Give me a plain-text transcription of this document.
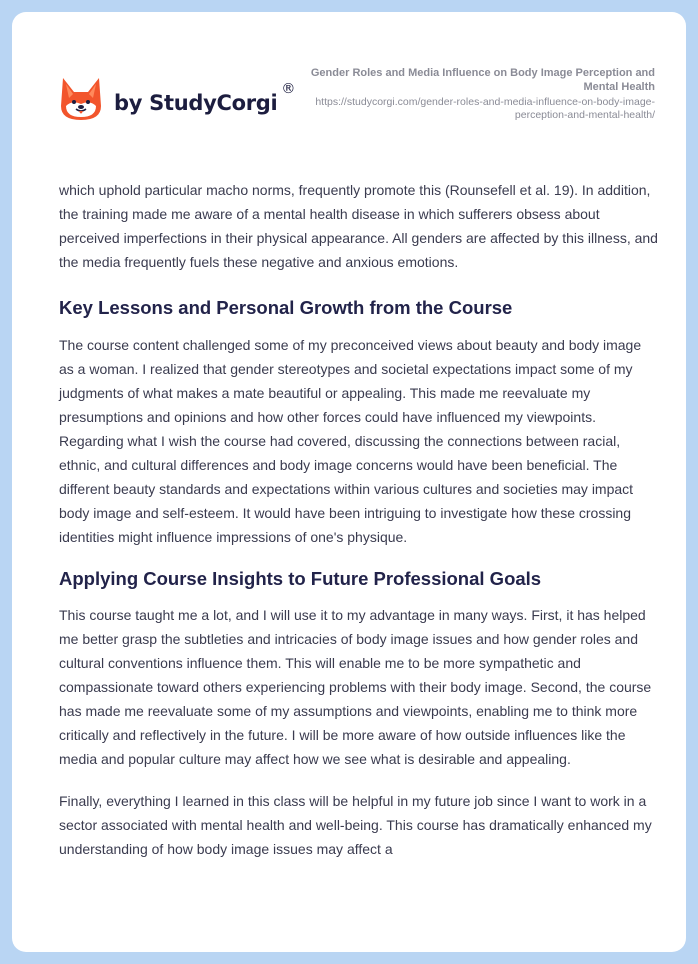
by StudyCorgi
®
Gender Roles and Media Influence on Body Image Perception and Mental Health
https://studycorgi.com/gender-roles-and-media-influence-on-body-image-perception-and-mental-health/

which uphold particular macho norms, frequently promote this (Rounsefell et al. 19). In addition, the training made me aware of a mental health disease in which sufferers obsess about perceived imperfections in their physical appearance. All genders are affected by this illness, and the media frequently fuels these negative and anxious emotions.

Key Lessons and Personal Growth from the Course

The course content challenged some of my preconceived views about beauty and body image as a woman. I realized that gender stereotypes and societal expectations impact some of my judgments of what makes a mate beautiful or appealing. This made me reevaluate my presumptions and opinions and how other forces could have influenced my viewpoints. Regarding what I wish the course had covered, discussing the connections between racial, ethnic, and cultural differences and body image concerns would have been beneficial. The different beauty standards and expectations within various cultures and societies may impact body image and self-esteem. It would have been intriguing to investigate how these crossing identities might influence impressions of one's physique.

Applying Course Insights to Future Professional Goals

This course taught me a lot, and I will use it to my advantage in many ways. First, it has helped me better grasp the subtleties and intricacies of body image issues and how gender roles and cultural conventions influence them. This will enable me to be more sympathetic and compassionate toward others experiencing problems with their body image. Second, the course has made me reevaluate some of my assumptions and viewpoints, enabling me to think more critically and reflectively in the future. I will be more aware of how outside influences like the media and popular culture may affect how we see what is desirable and appealing.

Finally, everything I learned in this class will be helpful in my future job since I want to work in a sector associated with mental health and well-being. This course has dramatically enhanced my understanding of how body image issues may affect a
